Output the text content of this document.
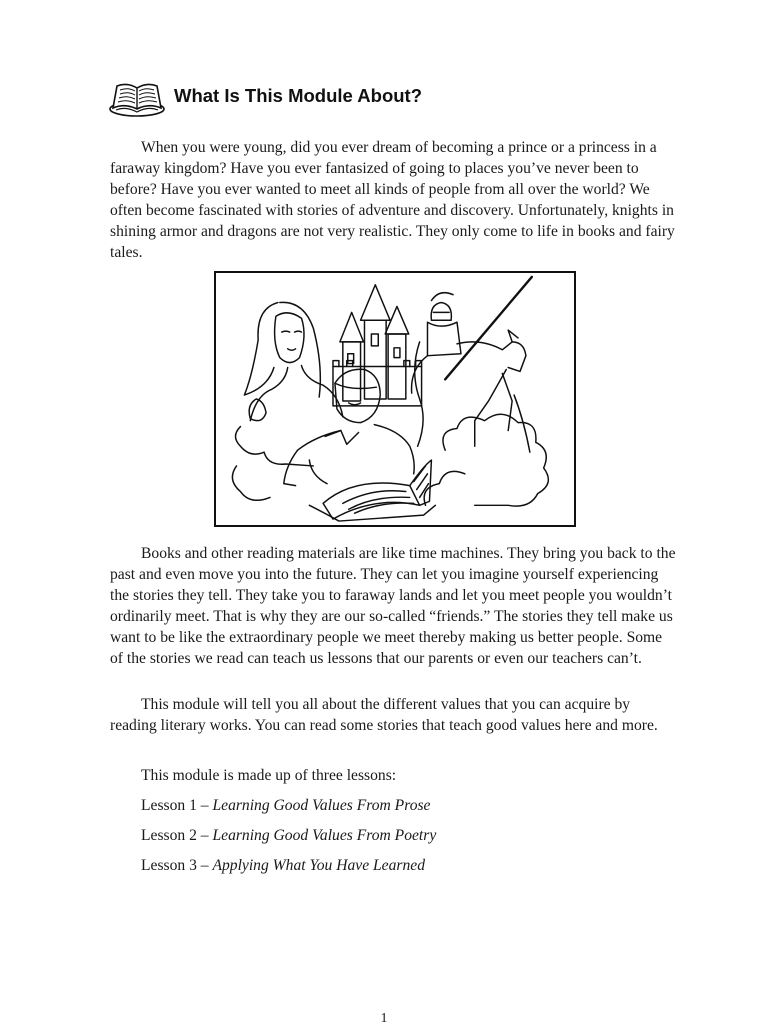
What Is This Module About?

When you were young, did you ever dream of becoming a prince or a princess in a faraway kingdom? Have you ever fantasized of going to places you’ve never been to before? Have you ever wanted to meet all kinds of people from all over the world? We often become fascinated with stories of adventure and discovery. Unfortunately, knights in shining armor and dragons are not very realistic. They only come to life in books and fairy tales.

Books and other reading materials are like time machines. They bring you back to the past and even move you into the future. They can let you imagine yourself experiencing the stories they tell. They take you to faraway lands and let you meet people you wouldn’t ordinarily meet. That is why they are our so-called “friends.” The stories they tell make us want to be like the extraordinary people we meet thereby making us better people. Some of the stories we read can teach us lessons that our parents or even our teachers can’t.

This module will tell you all about the different values that you can acquire by reading literary works. You can read some stories that teach good values here and more.

This module is made up of three lessons:

Lesson 1 – Learning Good Values From Prose

Lesson 2 – Learning Good Values From Poetry

Lesson 3 – Applying What You Have Learned

1
